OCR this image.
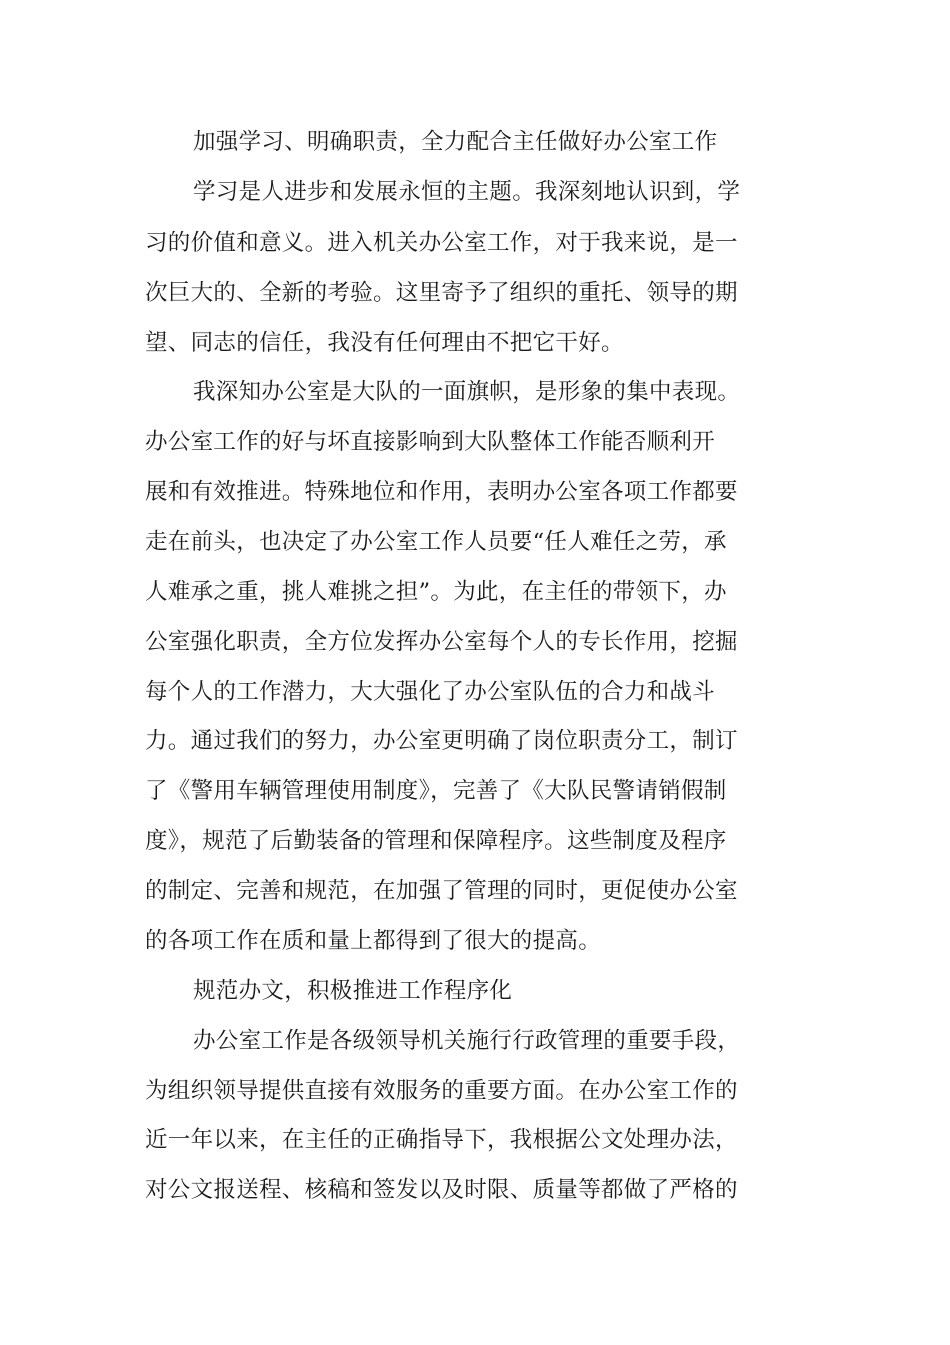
加强学习、明确职责，全力配合主任做好办公室工作
学习是人进步和发展永恒的主题。我深刻地认识到，学
习的价值和意义。进入机关办公室工作，对于我来说，是一
次巨大的、全新的考验。这里寄予了组织的重托、领导的期
望、同志的信任，我没有任何理由不把它干好。
我深知办公室是大队的一面旗帜，是形象的集中表现。
办公室工作的好与坏直接影响到大队整体工作能否顺利开
展和有效推进。特殊地位和作用，表明办公室各项工作都要
走在前头，也决定了办公室工作人员要“任人难任之劳，承
人难承之重，挑人难挑之担”。为此，在主任的带领下，办
公室强化职责，全方位发挥办公室每个人的专长作用，挖掘
每个人的工作潜力，大大强化了办公室队伍的合力和战斗
力。通过我们的努力，办公室更明确了岗位职责分工，制订
了《警用车辆管理使用制度》，完善了《大队民警请销假制
度》，规范了后勤装备的管理和保障程序。这些制度及程序
的制定、完善和规范，在加强了管理的同时，更促使办公室
的各项工作在质和量上都得到了很大的提高。
规范办文，积极推进工作程序化
办公室工作是各级领导机关施行行政管理的重要手段，
为组织领导提供直接有效服务的重要方面。在办公室工作的
近一年以来，在主任的正确指导下，我根据公文处理办法，
对公文报送程、核稿和签发以及时限、质量等都做了严格的
